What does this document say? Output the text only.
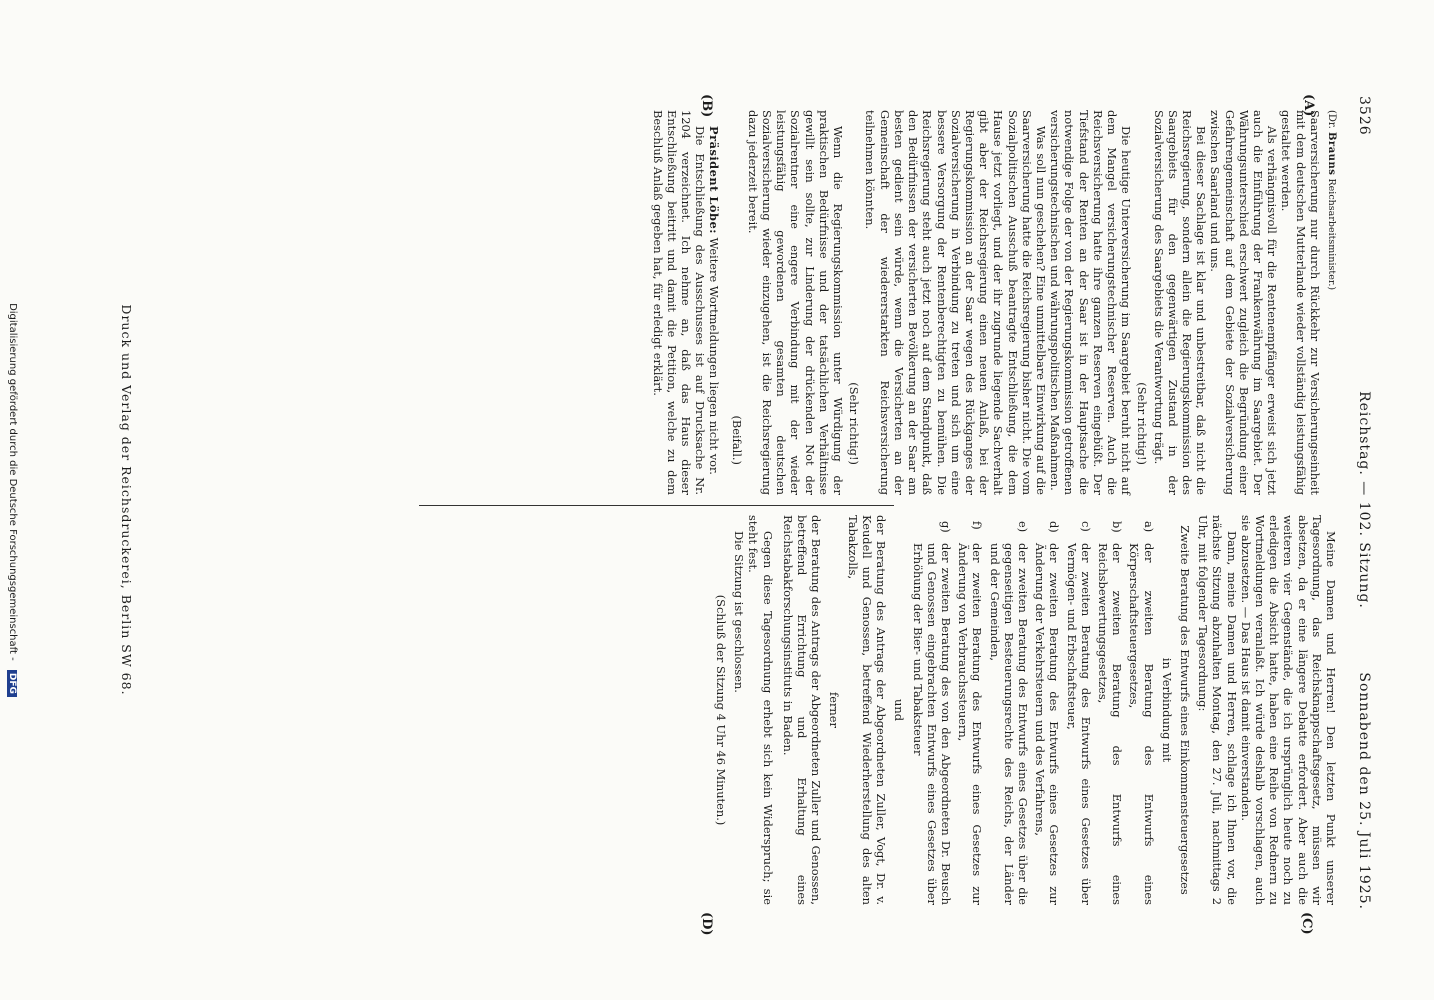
3526
Reichstag. — 102. Sitzung.
Sonnabend den 25. Juli 1925.
(A)
(B)
(C)
(D)
(Dr. Brauns Reichsarbeitsminister.)

Saarversicherung nur durch Rückkehr zur Versicherungseinheit mit dem deutschen Mutterlande wieder vollständig leistungsfähig gestaltet werden.

Als verhängnisvoll für die Rentenempfänger erweist sich jetzt auch die Einführung der Frankenwährung im Saargebiet. Der Währungsunterschied erschwert zugleich die Begründung einer Gefahrengemeinschaft auf dem Gebiete der Sozialversicherung zwischen Saarland und uns.

Bei dieser Sachlage ist klar und unbestreitbar, daß nicht die Reichsregierung, sondern allein die Regierungskommission des Saargebiets für den gegenwärtigen Zustand in der Sozialversicherung des Saargebiets die Verantwortung trägt.

(Sehr richtig!)

Die heutige Unterversicherung im Saargebiet beruht nicht auf dem Mangel versicherungstechnischer Reserven. Auch die Reichsversicherung hatte ihre ganzen Reserven eingebüßt. Der Tiefstand der Renten an der Saar ist in der Hauptsache die notwendige Folge der von der Regierungskommission getroffenen versicherungstechnischen und währungspolitischen Maßnahmen.

Was soll nun geschehen? Eine unmittelbare Einwirkung auf die Saarversicherung hatte die Reichsregierung bisher nicht. Die vom Sozialpolitischen Ausschuß beantragte Entschließung, die dem Hause jetzt vorliegt, und der ihr zugrunde liegende Sachverhalt gibt aber der Reichsregierung einen neuen Anlaß, bei der Regierungskommission an der Saar wegen des Rückganges der Sozialversicherung in Verbindung zu treten und sich um eine bessere Versorgung der Rentenberechtigten zu bemühen. Die Reichsregierung steht auch jetzt noch auf dem Standpunkt, daß den Bedürfnissen der versicherten Bevölkerung an der Saar am besten gedient sein würde, wenn die Versicherten an der Gemeinschaft der wiedererstarkten Reichsversicherung teilnehmen könnten.

(Sehr richtig!)

Wenn die Regierungskommission unter Würdigung der praktischen Bedürfnisse und der tatsächlichen Verhältnisse gewillt sein sollte, zur Linderung der drückenden Not der Sozialrentner eine engere Verbindung mit der wieder leistungsfähig gewordenen gesamten deutschen Sozialversicherung wieder einzugehen, ist die Reichsregierung dazu jederzeit bereit.

(Beifall.)

Präsident Löbe: Weitere Wortmeldungen liegen nicht vor.

Die Entschließung des Ausschusses ist auf Drucksache Nr. 1204 verzeichnet. Ich nehme an, daß das Haus dieser Entschließung beitritt und damit die Petition, welche zu dem Beschluß Anlaß gegeben hat, für erledigt erklärt.

Meine Damen und Herren! Den letzten Punkt unserer Tagesordnung, das Reichsknappschaftsgesetz, müssen wir absetzen, da er eine längere Debatte erfordert. Aber auch die weiteren vier Gegenstände, die ich ursprünglich heute noch zu erledigen die Absicht hatte, haben eine Reihe von Rednern zu Wortmeldungen veranlaßt. Ich würde deshalb vorschlagen, auch sie abzusetzen. — Das Haus ist damit einverstanden.

Dann, meine Damen und Herren, schlage ich Ihnen vor, die nächste Sitzung abzuhalten Montag, den 27. Juli, nachmittags 2 Uhr, mit folgender Tagesordnung:

Zweite Beratung des Entwurfs eines Einkommensteuergesetzes
in Verbindung mit
a)
der zweiten Beratung des Entwurfs eines Körperschaftsteuergesetzes,
b)
der zweiten Beratung des Entwurfs eines Reichsbewertungsgesetzes,
c)
der zweiten Beratung des Entwurfs eines Gesetzes über Vermögen- und Erbschaftsteuer,
d)
der zweiten Beratung des Entwurfs eines Gesetzes zur Änderung der Verkehrsteuern und des Verfahrens,
e)
der zweiten Beratung des Entwurfs eines Gesetzes über die gegenseitigen Besteuerungsrechte des Reichs, der Länder und der Gemeinden,
f)
der zweiten Beratung des Entwurfs eines Gesetzes zur Änderung von Verbrauchssteuern,
g)
der zweiten Beratung des von den Abgeordneten Dr. Beusch und Genossen eingebrachten Entwurfs eines Gesetzes über Erhöhung der Bier- und Tabaksteuer
und

der Beratung des Antrags der Abgeordneten Zuller, Vogt, Dr. v. Keudell und Genossen, betreffend Wiederherstellung des alten Tabakzolls,

ferner

der Beratung des Antrags der Abgeordneten Zuller und Genossen, betreffend Errichtung und Erhaltung eines Reichstabakforschungsinstituts in Baden.

Gegen diese Tagesordnung erhebt sich kein Widerspruch; sie steht fest.

Die Sitzung ist geschlossen.

(Schluß der Sitzung 4 Uhr 46 Minuten.)
Druck und Verlag der Reichsdruckerei, Berlin SW 68.
Digitalisierung gefördert durch die Deutsche Forschungsgemeinschaft - DFG
